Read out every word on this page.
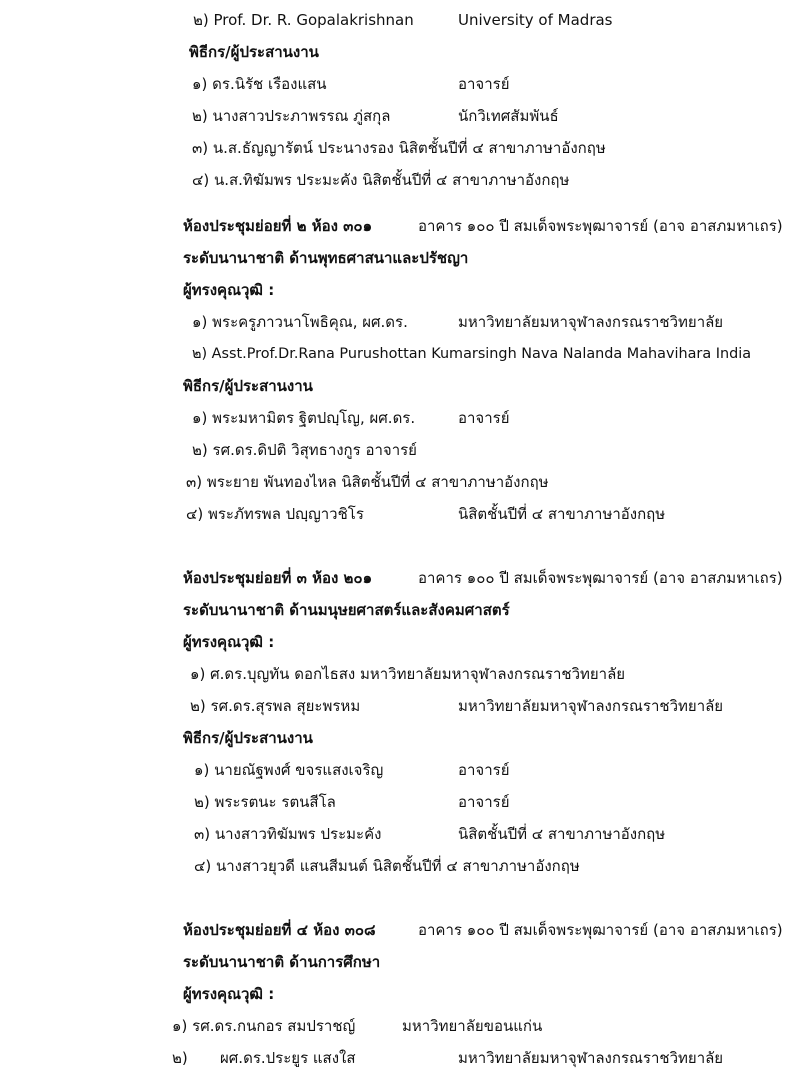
๒) Prof. Dr. R. Gopalakrishnan	University of Madras
พิธีกร/ผู้ประสานงาน
๑) ดร.นิรัช เรืองแสน	อาจารย์
๒) นางสาวประภาพรรณ ภู่สกุล	นักวิเทศสัมพันธ์
๓) น.ส.ธัญญารัตน์ ประนางรอง นิสิตชั้นปีที่ ๔ สาขาภาษาอังกฤษ
๔) น.ส.ทิฆัมพร ประมะคัง นิสิตชั้นปีที่ ๔ สาขาภาษาอังกฤษ
ห้องประชุมย่อยที่ ๒ ห้อง ๓๐๑	อาคาร ๑๐๐ ปี สมเด็จพระพุฒาจารย์ (อาจ อาสภมหาเถร)
ระดับนานาชาติ ด้านพุทธศาสนาและปรัชญา
ผู้ทรงคุณวุฒิ :
๑) พระครูภาวนาโพธิคุณ, ผศ.ดร.	มหาวิทยาลัยมหาจุฬาลงกรณราชวิทยาลัย
๒) Asst.Prof.Dr.Rana Purushottan Kumarsingh Nava Nalanda Mahavihara India
พิธีกร/ผู้ประสานงาน
๑) พระมหามิตร ฐิตปญฺโญ, ผศ.ดร.	อาจารย์
๒) รศ.ดร.ดิปติ วิสุทธางกูร อาจารย์
๓) พระยาย พันทองไหล นิสิตชั้นปีที่ ๔ สาขาภาษาอังกฤษ
๔) พระภัทรพล ปญฺญาวชิโร	นิสิตชั้นปีที่ ๔ สาขาภาษาอังกฤษ
ห้องประชุมย่อยที่ ๓ ห้อง ๒๐๑	อาคาร ๑๐๐ ปี สมเด็จพระพุฒาจารย์ (อาจ อาสภมหาเถร)
ระดับนานาชาติ ด้านมนุษยศาสตร์และสังคมศาสตร์
ผู้ทรงคุณวุฒิ :
๑) ศ.ดร.บุญทัน ดอกไธสง มหาวิทยาลัยมหาจุฬาลงกรณราชวิทยาลัย
๒) รศ.ดร.สุรพล สุยะพรหม	มหาวิทยาลัยมหาจุฬาลงกรณราชวิทยาลัย
พิธีกร/ผู้ประสานงาน
๑) นายณัฐพงศ์ ขจรแสงเจริญ	อาจารย์
๒) พระรตนะ รตนสีโล	อาจารย์
๓) นางสาวทิฆัมพร ประมะคัง	นิสิตชั้นปีที่ ๔ สาขาภาษาอังกฤษ
๔) นางสาวยุวดี แสนสีมนต์ นิสิตชั้นปีที่ ๔ สาขาภาษาอังกฤษ
ห้องประชุมย่อยที่ ๔ ห้อง ๓๐๘	อาคาร ๑๐๐ ปี สมเด็จพระพุฒาจารย์ (อาจ อาสภมหาเถร)
ระดับนานาชาติ ด้านการศึกษา
ผู้ทรงคุณวุฒิ :
๑) รศ.ดร.กนกอร สมปราชญ์	มหาวิทยาลัยขอนแก่น
๒) ผศ.ดร.ประยูร แสงใส	มหาวิทยาลัยมหาจุฬาลงกรณราชวิทยาลัย
